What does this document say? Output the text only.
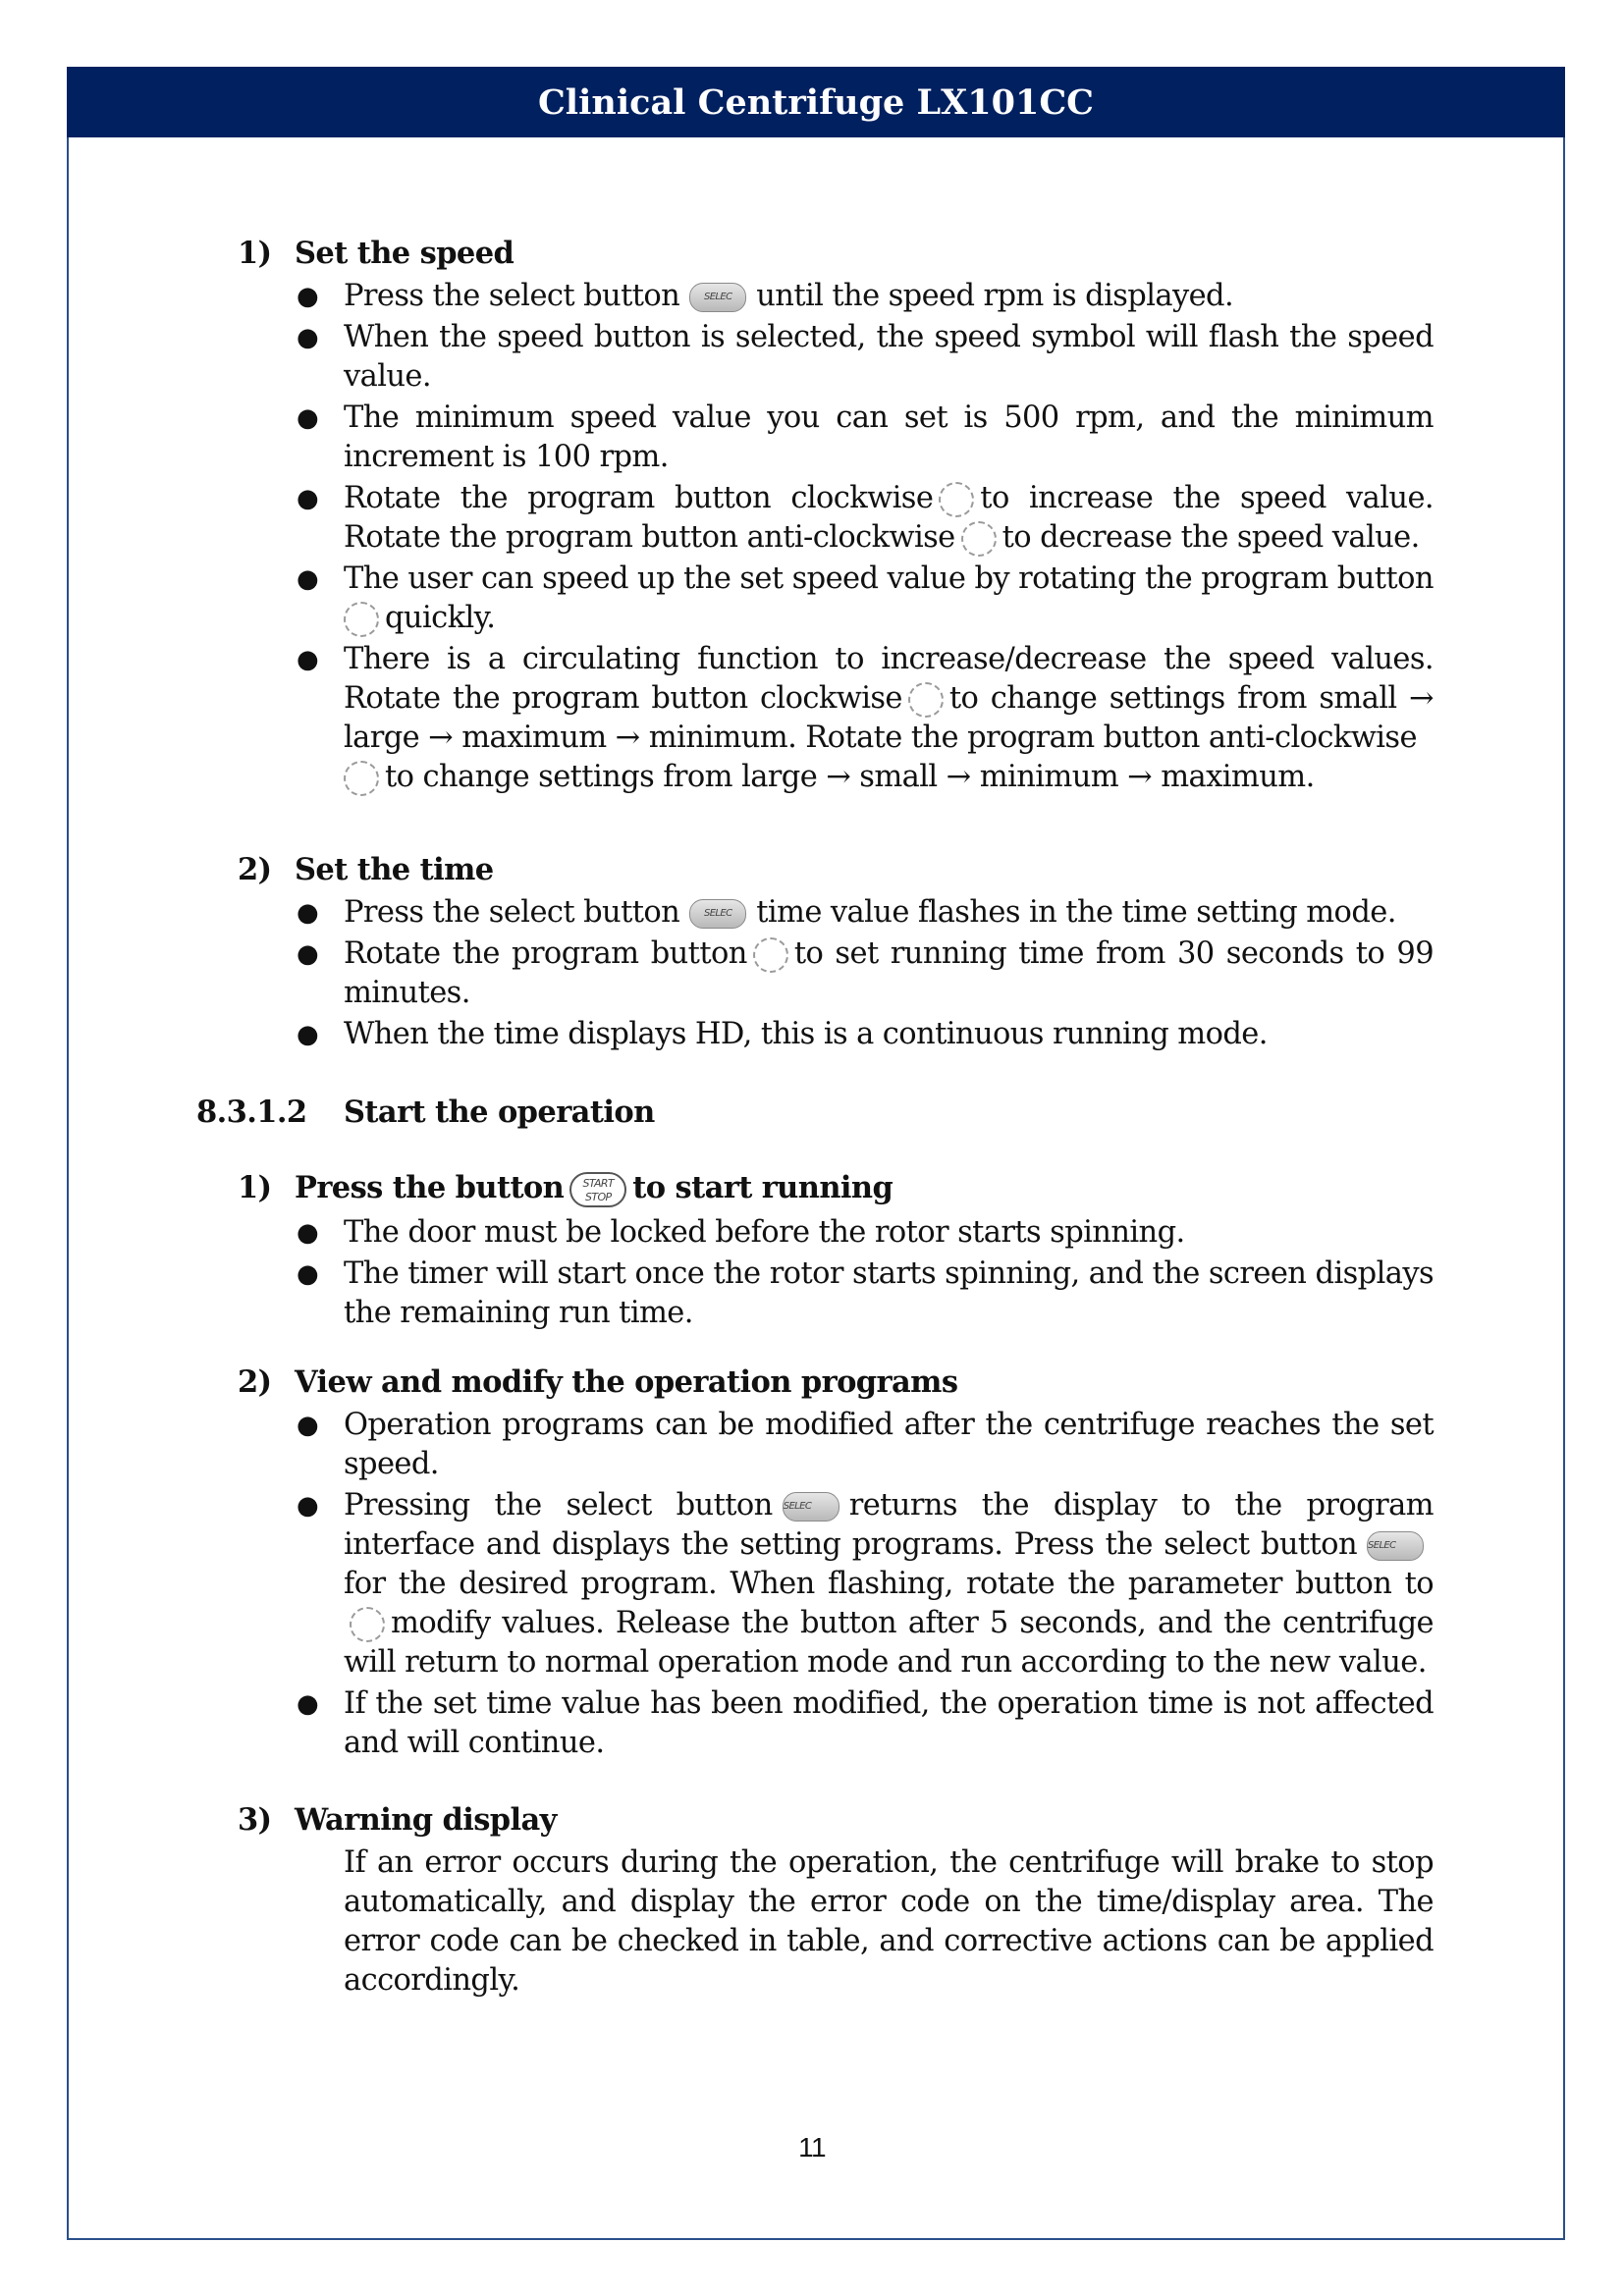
Clinical Centrifuge LX101CC
1) Set the speed
● Press the select button SELEC until the speed rpm is displayed.
● When the speed button is selected, the speed symbol will flash the speed value.
● The minimum speed value you can set is 500 rpm, and the minimum increment is 100 rpm.
● Rotate the program button clockwise to increase the speed value. Rotate the program button anti-clockwise to decrease the speed value.
● The user can speed up the set speed value by rotating the program button
quickly.
● There is a circulating function to increase/decrease the speed values. Rotate the program button clockwise to change settings from small → large → maximum → minimum. Rotate the program button anti-clockwise
to change settings from large → small → minimum → maximum.
2) Set the time
● Press the select button SELEC time value flashes in the time setting mode.
● Rotate the program button to set running time from 30 seconds to 99 minutes.
● When the time displays HD, this is a continuous running mode.
8.3.1.2 Start the operation
1) Press the button START
STOP to start running
● The door must be locked before the rotor starts spinning.
● The timer will start once the rotor starts spinning, and the screen displays the remaining run time.
2) View and modify the operation programs
● Operation programs can be modified after the centrifuge reaches the set speed.
● Pressing the select button SELEC returns the display to the program interface and displays the setting programs. Press the select button SELECfor the desired program. When flashing, rotate the parameter button tomodify values. Release the button after 5 seconds, and the centrifuge will return to normal operation mode and run according to the new value.
● If the set time value has been modified, the operation time is not affected and will continue.
3) Warning display
If an error occurs during the operation, the centrifuge will brake to stop automatically, and display the error code on the time/display area. The error code can be checked in table, and corrective actions can be applied accordingly.
11
